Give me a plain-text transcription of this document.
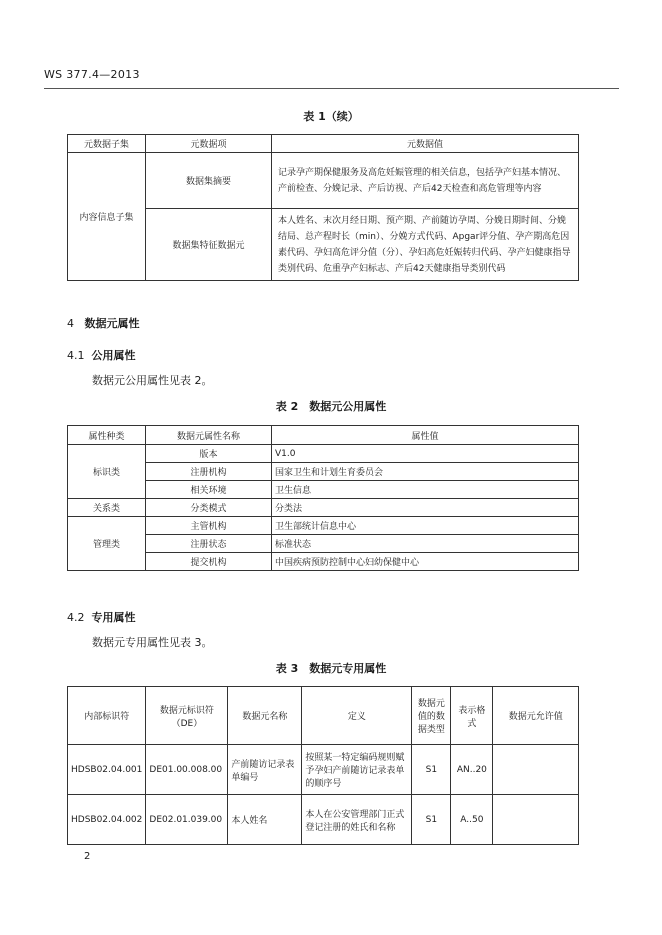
WS 377.4—2013
表 1（续）
元数据子集	元数据项	元数据值
内容信息子集	数据集摘要	记录孕产期保健服务及高危妊娠管理的相关信息，包括孕产妇基本情况、产前检查、分娩记录、产后访视、产后42天检查和高危管理等内容
	数据集特征数据元	本人姓名、末次月经日期、预产期、产前随访孕周、分娩日期时间、分娩结局、总产程时长（min）、分娩方式代码、Apgar评分值、孕产期高危因素代码、孕妇高危评分值（分）、孕妇高危妊娠转归代码、孕产妇健康指导类别代码、危重孕产妇标志、产后42天健康指导类别代码
4 数据元属性
4.1 公用属性
数据元公用属性见表 2。
表 2　数据元公用属性
属性种类	数据元属性名称	属性值
标识类	版本	V1.0
	注册机构	国家卫生和计划生育委员会
	相关环境	卫生信息
关系类	分类模式	分类法
管理类	主管机构	卫生部统计信息中心
	注册状态	标准状态
	提交机构	中国疾病预防控制中心妇幼保健中心
4.2 专用属性
数据元专用属性见表 3。
表 3　数据元专用属性
内部标识符	数据元标识符（DE）	数据元名称	定义	数据元值的数据类型	表示格式	数据元允许值
HDSB02.04.001	DE01.00.008.00	产前随访记录表单编号	按照某一特定编码规则赋予孕妇产前随访记录表单的顺序号	S1	AN..20	
HDSB02.04.002	DE02.01.039.00	本人姓名	本人在公安管理部门正式登记注册的姓氏和名称	S1	A..50	
2
